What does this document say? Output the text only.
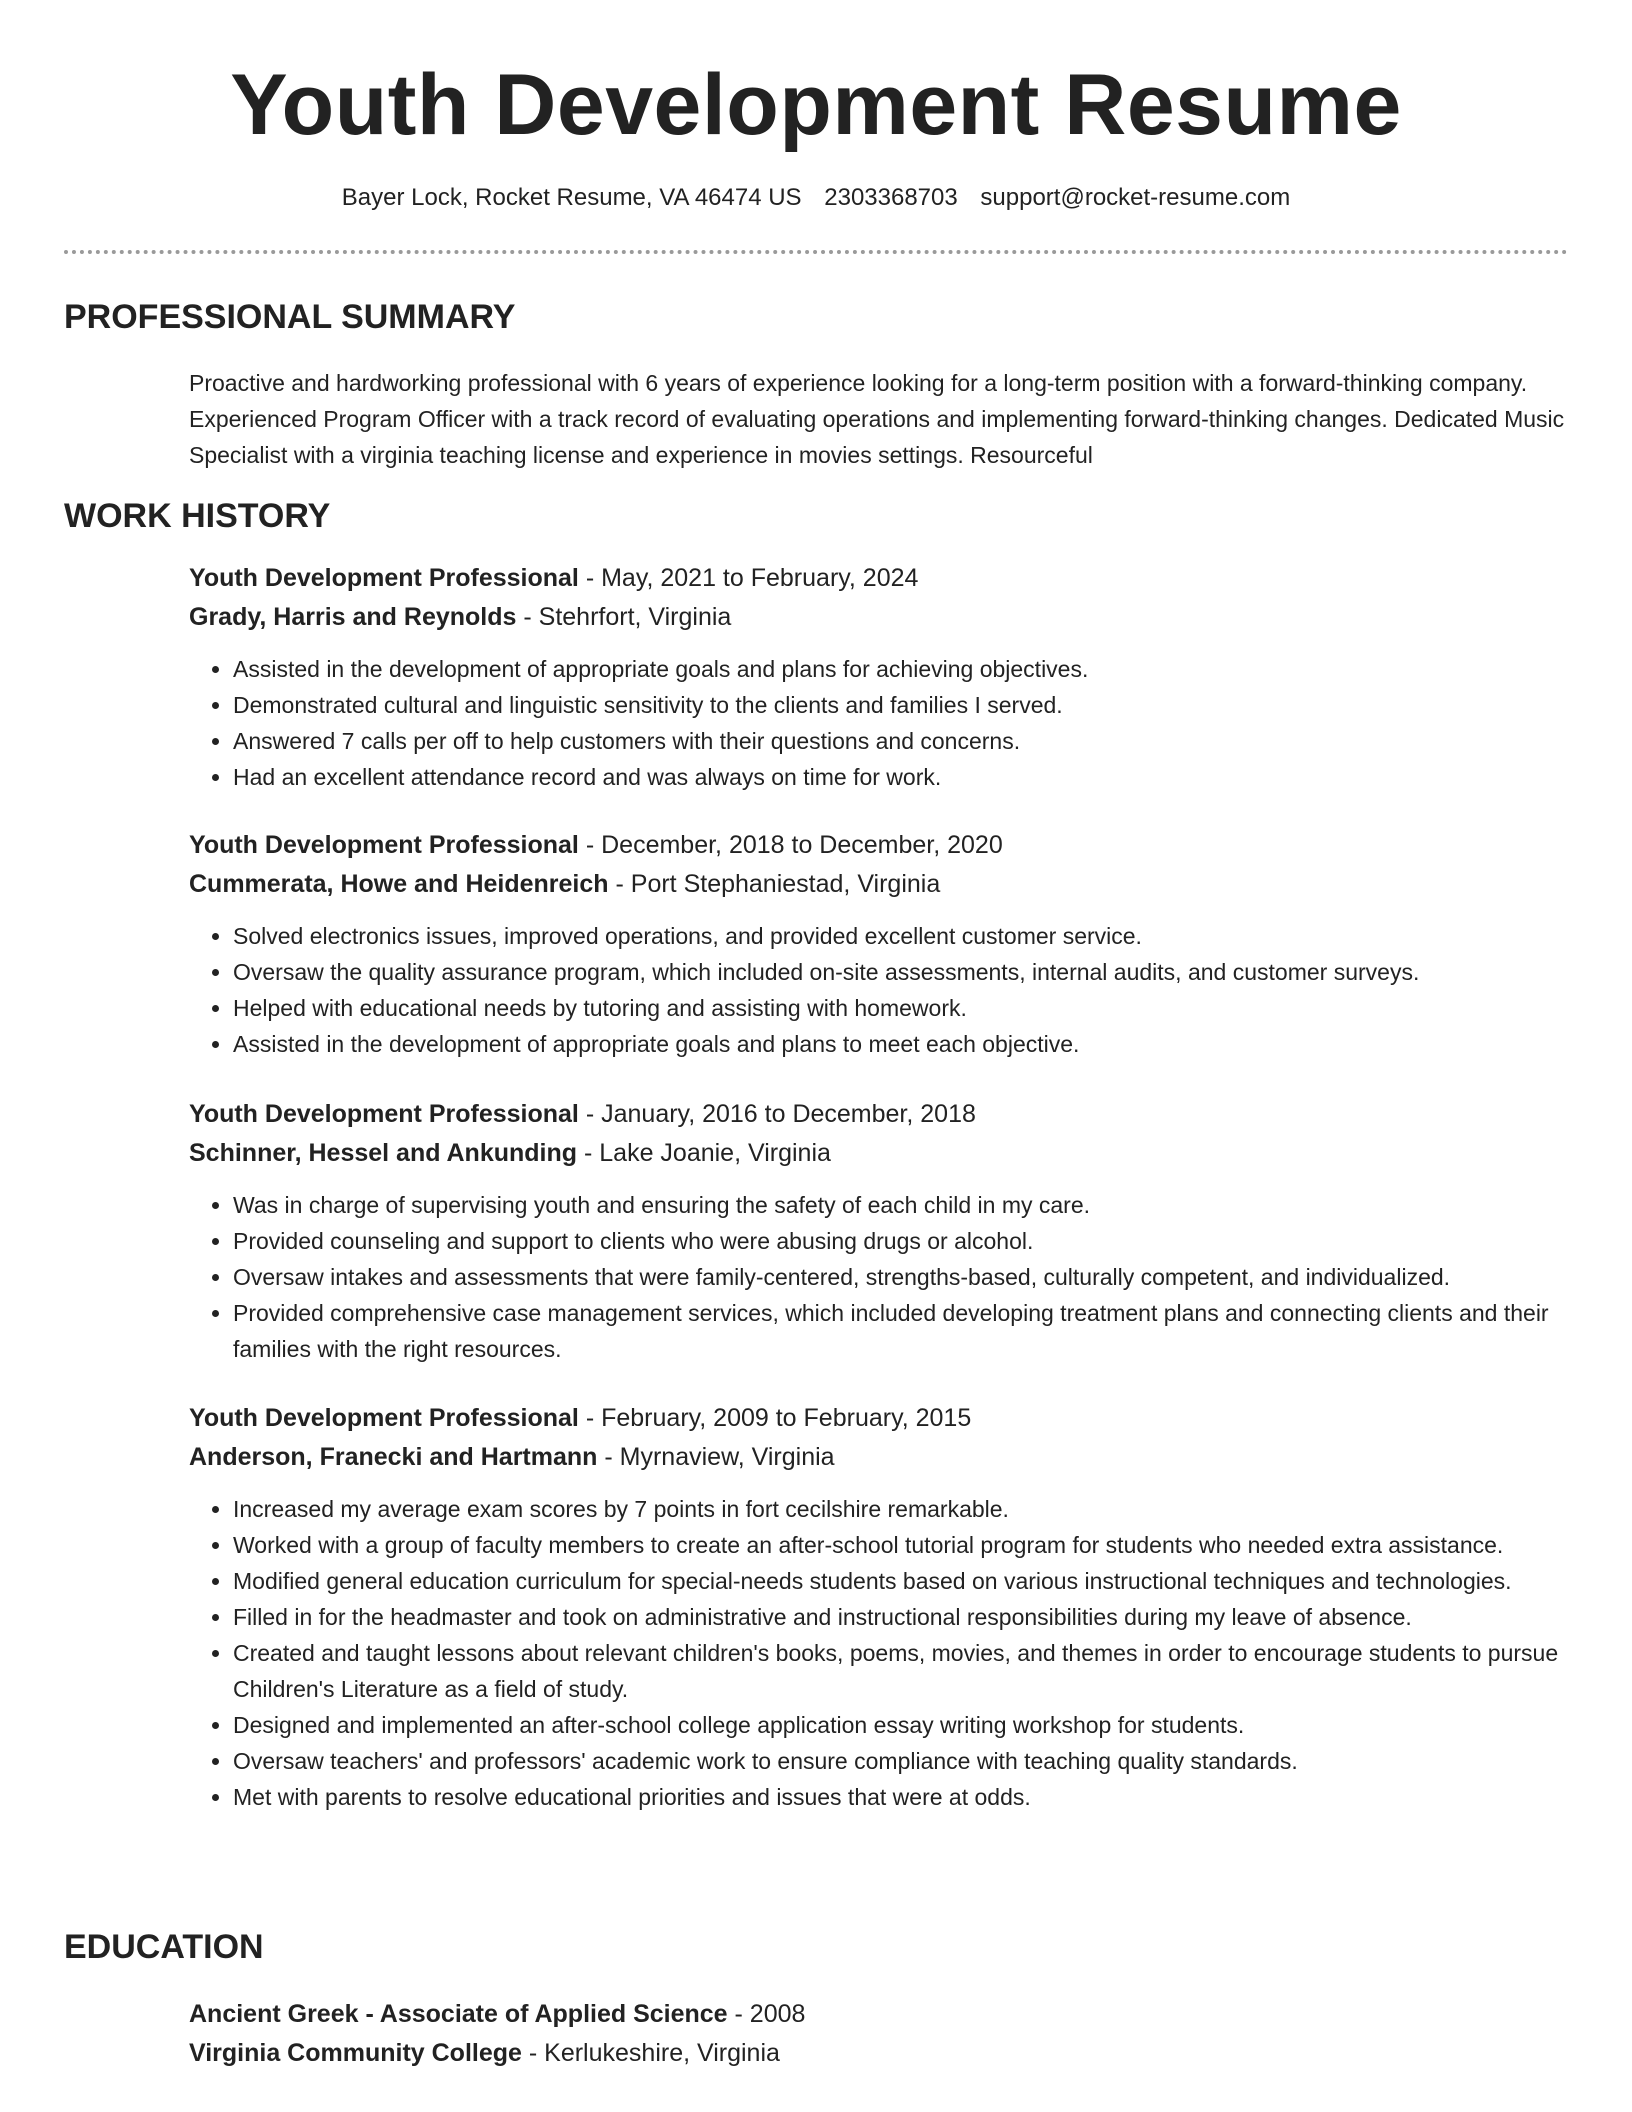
Youth Development Resume
Bayer Lock, Rocket Resume, VA 46474 US 2303368703 support@rocket-resume.com
PROFESSIONAL SUMMARY

Proactive and hardworking professional with 6 years of experience looking for a long-term position with a forward-thinking company. Experienced Program Officer with a track record of evaluating operations and implementing forward-thinking changes. Dedicated Music Specialist with a virginia teaching license and experience in movies settings. Resourceful

WORK HISTORY
Youth Development Professional - May, 2021 to February, 2024
Grady, Harris and Reynolds - Stehrfort, Virginia
• Assisted in the development of appropriate goals and plans for achieving objectives.
• Demonstrated cultural and linguistic sensitivity to the clients and families I served.
• Answered 7 calls per off to help customers with their questions and concerns.
• Had an excellent attendance record and was always on time for work.
Youth Development Professional - December, 2018 to December, 2020
Cummerata, Howe and Heidenreich - Port Stephaniestad, Virginia
• Solved electronics issues, improved operations, and provided excellent customer service.
• Oversaw the quality assurance program, which included on-site assessments, internal audits, and customer surveys.
• Helped with educational needs by tutoring and assisting with homework.
• Assisted in the development of appropriate goals and plans to meet each objective.
Youth Development Professional - January, 2016 to December, 2018
Schinner, Hessel and Ankunding - Lake Joanie, Virginia
• Was in charge of supervising youth and ensuring the safety of each child in my care.
• Provided counseling and support to clients who were abusing drugs or alcohol.
• Oversaw intakes and assessments that were family-centered, strengths-based, culturally competent, and individualized.
• Provided comprehensive case management services, which included developing treatment plans and connecting clients and their families with the right resources.
Youth Development Professional - February, 2009 to February, 2015
Anderson, Franecki and Hartmann - Myrnaview, Virginia
• Increased my average exam scores by 7 points in fort cecilshire remarkable.
• Worked with a group of faculty members to create an after-school tutorial program for students who needed extra assistance.
• Modified general education curriculum for special-needs students based on various instructional techniques and technologies.
• Filled in for the headmaster and took on administrative and instructional responsibilities during my leave of absence.
• Created and taught lessons about relevant children's books, poems, movies, and themes in order to encourage students to pursue Children's Literature as a field of study.
• Designed and implemented an after-school college application essay writing workshop for students.
• Oversaw teachers' and professors' academic work to ensure compliance with teaching quality standards.
• Met with parents to resolve educational priorities and issues that were at odds.
EDUCATION
Ancient Greek - Associate of Applied Science - 2008
Virginia Community College - Kerlukeshire, Virginia
